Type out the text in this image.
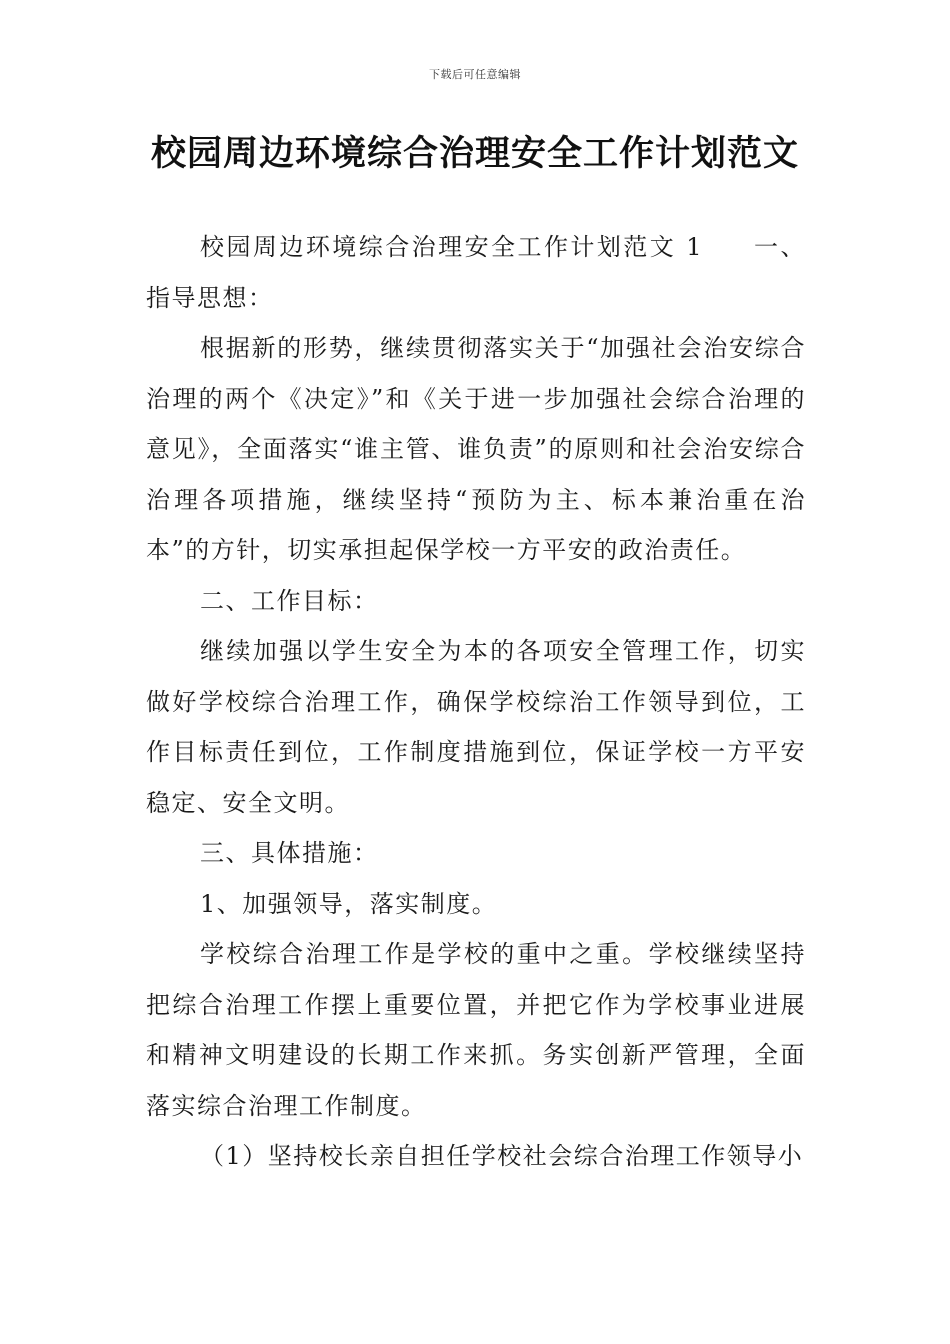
下载后可任意编辑
校园周边环境综合治理安全工作计划范文

校园周边环境综合治理安全工作计划范文 1 一、指导思想：

根据新的形势，继续贯彻落实关于“加强社会治安综合治理的两个《决定》”和《关于进一步加强社会综合治理的意见》，全面落实“谁主管、谁负责”的原则和社会治安综合治理各项措施，继续坚持“预防为主、标本兼治重在治本”的方针，切实承担起保学校一方平安的政治责任。

二、工作目标：

继续加强以学生安全为本的各项安全管理工作，切实做好学校综合治理工作，确保学校综治工作领导到位，工作目标责任到位，工作制度措施到位，保证学校一方平安稳定、安全文明。

三、具体措施：

1、加强领导，落实制度。

学校综合治理工作是学校的重中之重。学校继续坚持把综合治理工作摆上重要位置，并把它作为学校事业进展和精神文明建设的长期工作来抓。务实创新严管理，全面落实综合治理工作制度。

（1）坚持校长亲自担任学校社会综合治理工作领导小
